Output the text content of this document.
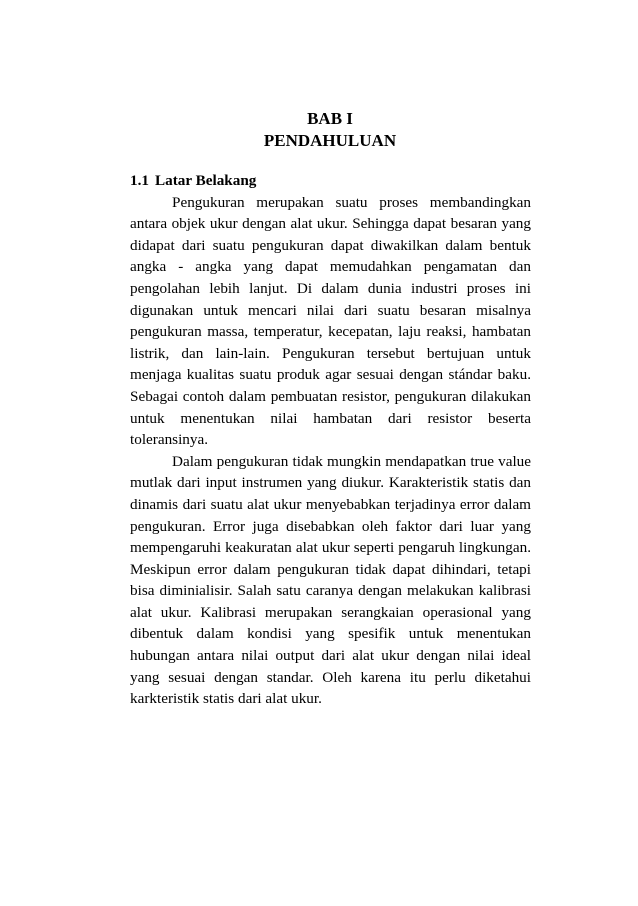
BAB I
PENDAHULUAN
1.1 Latar Belakang

Pengukuran merupakan suatu proses membandingkan antara objek ukur dengan alat ukur. Sehingga dapat besaran yang didapat dari suatu pengukuran dapat diwakilkan dalam bentuk angka - angka yang dapat memudahkan pengamatan dan pengolahan lebih lanjut. Di dalam dunia industri proses ini digunakan untuk mencari nilai dari suatu besaran misalnya pengukuran massa, temperatur, kecepatan, laju reaksi, hambatan listrik, dan lain-lain. Pengukuran tersebut bertujuan untuk menjaga kualitas suatu produk agar sesuai dengan stándar baku. Sebagai contoh dalam pembuatan resistor, pengukuran dilakukan untuk menentukan nilai hambatan dari resistor beserta toleransinya.

Dalam pengukuran tidak mungkin mendapatkan true value mutlak dari input instrumen yang diukur. Karakteristik statis dan dinamis dari suatu alat ukur menyebabkan terjadinya error dalam pengukuran. Error juga disebabkan oleh faktor dari luar yang mempengaruhi keakuratan alat ukur seperti pengaruh lingkungan. Meskipun error dalam pengukuran tidak dapat dihindari, tetapi bisa diminialisir. Salah satu caranya dengan melakukan kalibrasi alat ukur. Kalibrasi merupakan serangkaian operasional yang dibentuk dalam kondisi yang spesifik untuk menentukan hubungan antara nilai output dari alat ukur dengan nilai ideal yang sesuai dengan standar. Oleh karena itu perlu diketahui karkteristik statis dari alat ukur.
